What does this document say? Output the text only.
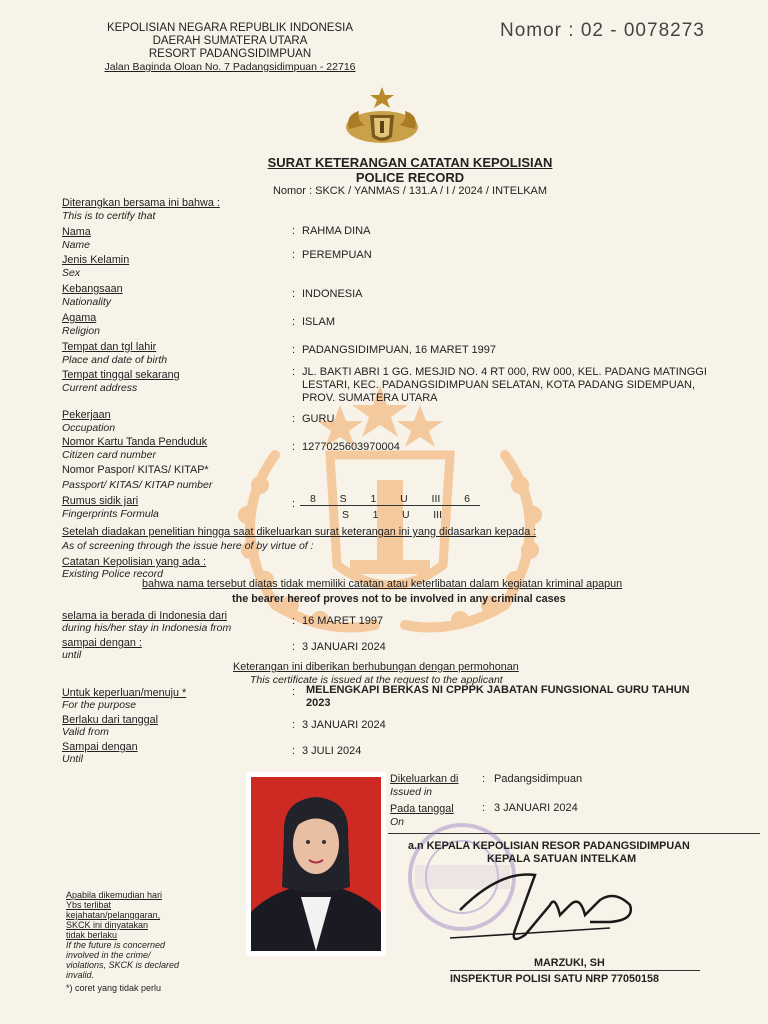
KEPOLISIAN NEGARA REPUBLIK INDONESIA
DAERAH SUMATERA UTARA
RESORT PADANGSIDIMPUAN
Jalan Baginda Oloan No. 7 Padangsidimpuan - 22716
Nomor : 02 - 0078273
SURAT KETERANGAN CATATAN KEPOLISIAN
POLICE RECORD
Nomor : SKCK / YANMAS / 131.A / I / 2024 / INTELKAM
Diterangkan bersama ini bahwa :
This is to certify that
Nama
Name
: RAHMA DINA
Jenis Kelamin
Sex
: PEREMPUAN
Kebangsaan
Nationality
: INDONESIA
Agama
Religion
: ISLAM
Tempat dan tgl lahir
Place and date of birth
: PADANGSIDIMPUAN, 16 MARET 1997
Tempat tinggal sekarang
Current address
: JL. BAKTI ABRI 1 GG. MESJID NO. 4 RT 000, RW 000, KEL. PADANG MATINGGI LESTARI, KEC. PADANGSIDIMPUAN SELATAN, KOTA PADANG SIDEMPUAN, PROV. SUMATERA UTARA
Pekerjaan
Occupation
: GURU
Nomor Kartu Tanda Penduduk
Citizen card number
: 1277025603970004
Nomor Paspor/ KITAS/ KITAP*
Passport/ KITAS/ KITAP number
Rumus sidik jari
Fingerprints Formula
: 8 S 1 U III 6
S 1 U III
Setelah diadakan penelitian hingga saat dikeluarkan surat keterangan ini yang didasarkan kepada :
As of screening through the issue here of by virtue of :
Catatan Kepolisian yang ada :
Existing Police record
bahwa nama tersebut diatas tidak memiliki catatan atau keterlibatan dalam kegiatan kriminal apapun
the bearer hereof proves not to be involved in any criminal cases
selama ia berada di Indonesia dari
during his/her stay in Indonesia from
: 16 MARET 1997
sampai dengan :
until
: 3 JANUARI 2024
Keterangan ini diberikan berhubungan dengan permohonan
This certificate is issued at the request to the applicant
Untuk keperluan/menuju *
For the purpose
: MELENGKAPI BERKAS NI CPPPK JABATAN FUNGSIONAL GURU TAHUN 2023
Berlaku dari tanggal
Valid from
: 3 JANUARI 2024
Sampai dengan
Until
: 3 JULI 2024
Dikeluarkan di
Issued in
: Padangsidimpuan
Pada tanggal
On
: 3 JANUARI 2024
a.n KEPALA KEPOLISIAN RESOR PADANGSIDIMPUAN
KEPALA SATUAN INTELKAM
MARZUKI, SH
INSPEKTUR POLISI SATU NRP 77050158
Apabila dikemudian hari
Ybs terlibat
kejahatan/pelanggaran,
SKCK ini dinyatakan
tidak berlaku
If the future is concerned
involved in the crime/
violations, SKCK is declared
invalid.
*) coret yang tidak perlu
